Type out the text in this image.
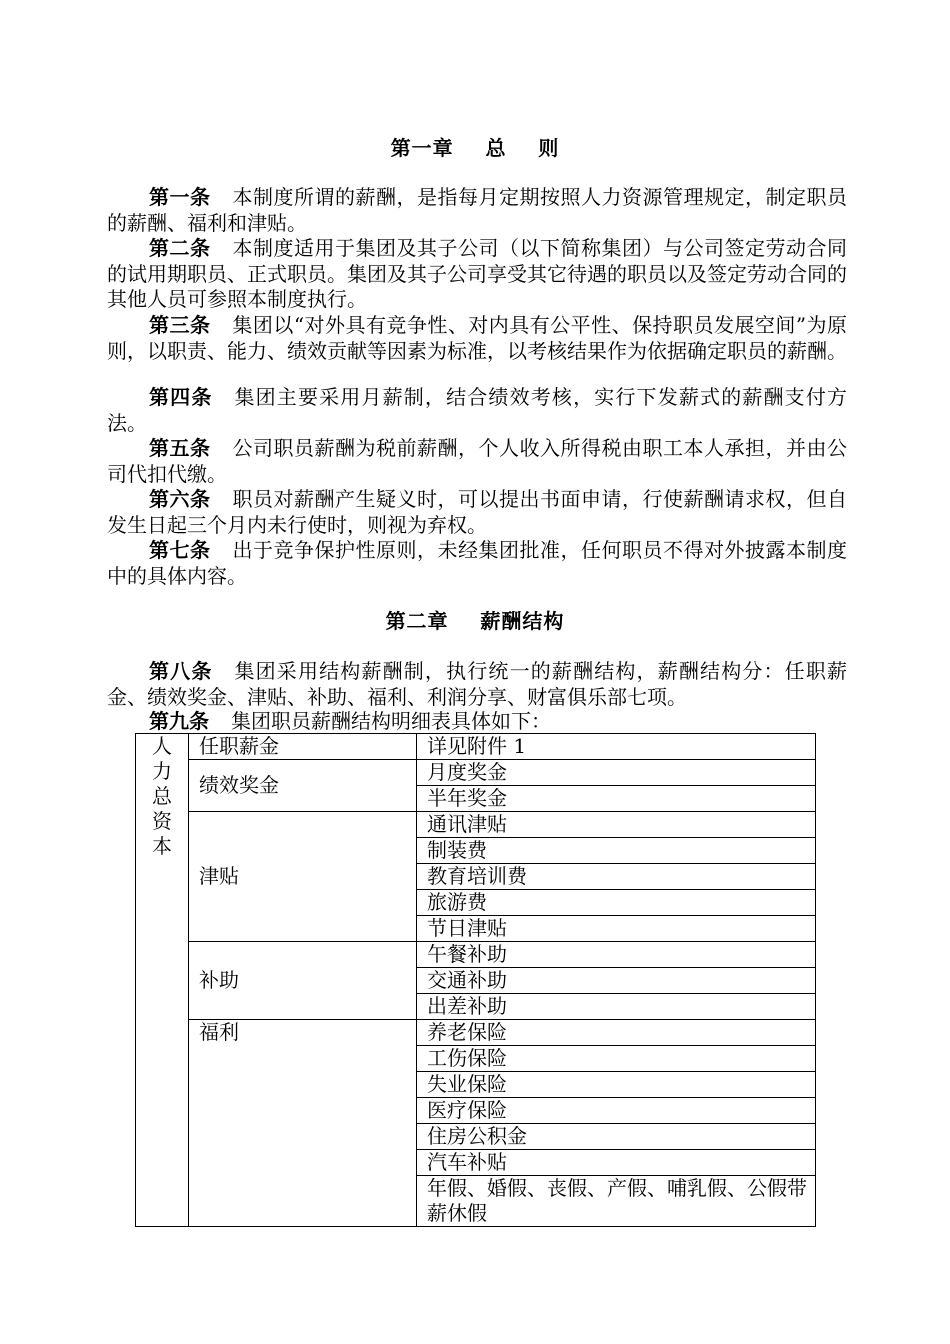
第一章    总    则

第一条 本制度所谓的薪酬，是指每月定期按照人力资源管理规定，制定职员的薪酬、福利和津贴。

第二条 本制度适用于集团及其子公司（以下简称集团）与公司签定劳动合同的试用期职员、正式职员。集团及其子公司享受其它待遇的职员以及签定劳动合同的其他人员可参照本制度执行。

第三条 集团以“对外具有竞争性、对内具有公平性、保持职员发展空间”为原则，以职责、能力、绩效贡献等因素为标准，以考核结果作为依据确定职员的薪酬。

第四条 集团主要采用月薪制，结合绩效考核，实行下发薪式的薪酬支付方法。

第五条 公司职员薪酬为税前薪酬，个人收入所得税由职工本人承担，并由公司代扣代缴。

第六条 职员对薪酬产生疑义时，可以提出书面申请，行使薪酬请求权，但自发生日起三个月内未行使时，则视为弃权。

第七条 出于竞争保护性原则，未经集团批准，任何职员不得对外披露本制度中的具体内容。

第二章    薪酬结构

第八条 集团采用结构薪酬制，执行统一的薪酬结构，薪酬结构分：任职薪金、绩效奖金、津贴、补助、福利、利润分享、财富俱乐部七项。

第九条 集团职员薪酬结构明细表具体如下：

人力总资本	任职薪金	详见附件 1
	绩效奖金	月度奖金
		半年奖金
	津贴	通讯津贴
		制装费
		教育培训费
		旅游费
		节日津贴
	补助	午餐补助
		交通补助
		出差补助
	福利	养老保险
		工伤保险
		失业保险
		医疗保险
		住房公积金
		汽车补贴
		年假、婚假、丧假、产假、哺乳假、公假带薪休假
